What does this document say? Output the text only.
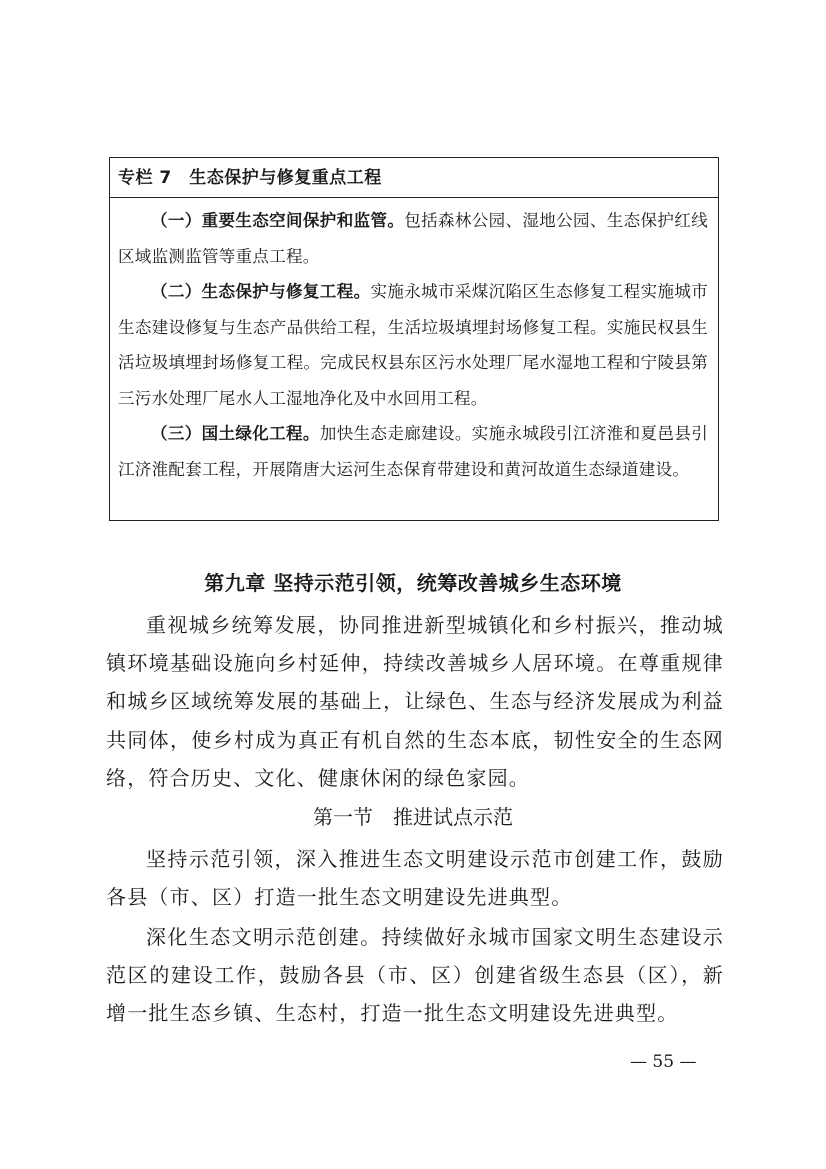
专栏 7　生态保护与修复重点工程

（一）重要生态空间保护和监管。包括森林公园、湿地公园、生态保护红线区域监测监管等重点工程。

（二）生态保护与修复工程。实施永城市采煤沉陷区生态修复工程实施城市生态建设修复与生态产品供给工程，生活垃圾填埋封场修复工程。实施民权县生活垃圾填埋封场修复工程。完成民权县东区污水处理厂尾水湿地工程和宁陵县第三污水处理厂尾水人工湿地净化及中水回用工程。

（三）国土绿化工程。加快生态走廊建设。实施永城段引江济淮和夏邑县引江济淮配套工程，开展隋唐大运河生态保育带建设和黄河故道生态绿道建设。

第九章 坚持示范引领，统筹改善城乡生态环境

重视城乡统筹发展，协同推进新型城镇化和乡村振兴，推动城镇环境基础设施向乡村延伸，持续改善城乡人居环境。在尊重规律和城乡区域统筹发展的基础上，让绿色、生态与经济发展成为利益共同体，使乡村成为真正有机自然的生态本底，韧性安全的生态网络，符合历史、文化、健康休闲的绿色家园。

第一节　推进试点示范

坚持示范引领，深入推进生态文明建设示范市创建工作，鼓励各县（市、区）打造一批生态文明建设先进典型。

深化生态文明示范创建。持续做好永城市国家文明生态建设示范区的建设工作，鼓励各县（市、区）创建省级生态县（区），新增一批生态乡镇、生态村，打造一批生态文明建设先进典型。

— 55 —
